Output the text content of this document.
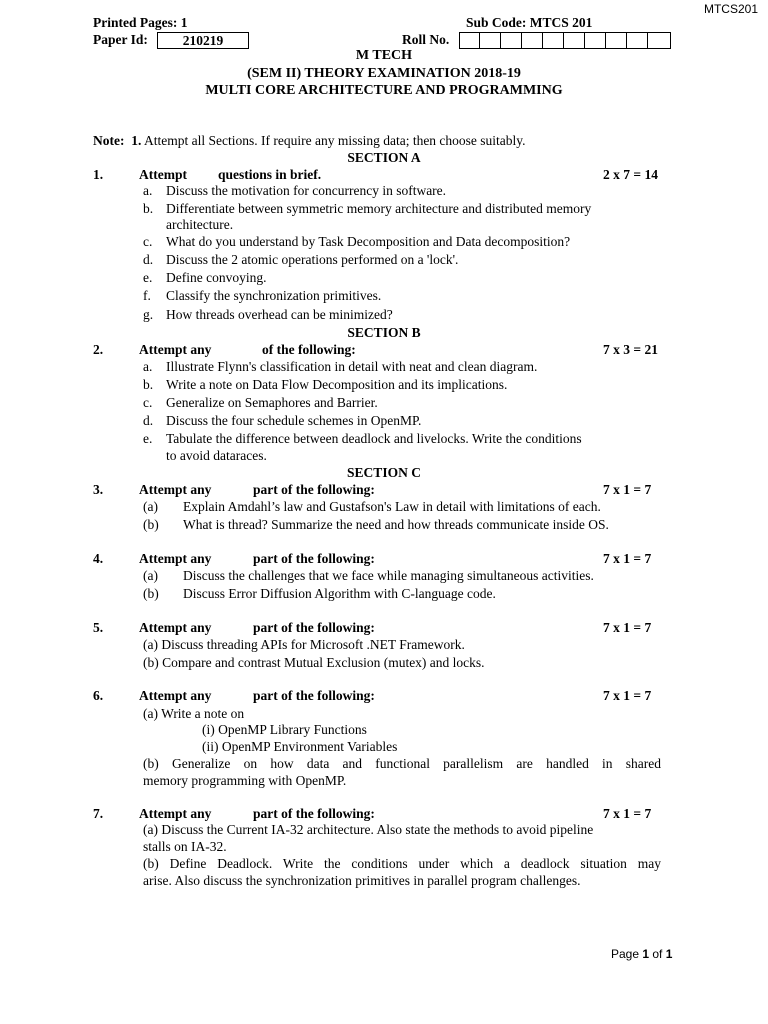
MTCS201
Printed Pages: 1	Sub Code: MTCS 201
Paper Id:	210219	Roll No.
M TECH
(SEM II) THEORY EXAMINATION 2018-19
MULTI CORE ARCHITECTURE AND PROGRAMMING
Note: 1. Attempt all Sections. If require any missing data; then choose suitably.
SECTION A
1.	Attempt questions in brief.	2 x 7 = 14
a. Discuss the motivation for concurrency in software.
b. Differentiate between symmetric memory architecture and distributed memory
architecture.
c. What do you understand by Task Decomposition and Data decomposition?
d. Discuss the 2 atomic operations performed on a 'lock'.
e. Define convoying.
f. Classify the synchronization primitives.
g. How threads overhead can be minimized?
SECTION B
2.	Attempt any	of the following:	7 x 3 = 21
a. Illustrate Flynn's classification in detail with neat and clean diagram.
b. Write a note on Data Flow Decomposition and its implications.
c. Generalize on Semaphores and Barrier.
d. Discuss the four schedule schemes in OpenMP.
e. Tabulate the difference between deadlock and livelocks. Write the conditions
to avoid dataraces.
SECTION C
3.	Attempt any	part of the following:	7 x 1 = 7
(a) Explain Amdahl’s law and Gustafson's Law in detail with limitations of each.
(b) What is thread? Summarize the need and how threads communicate inside OS.
4.	Attempt any	part of the following:	7 x 1 = 7
(a) Discuss the challenges that we face while managing simultaneous activities.
(b) Discuss Error Diffusion Algorithm with C-language code.
5.	Attempt any	part of the following:	7 x 1 = 7
(a) Discuss threading APIs for Microsoft .NET Framework.
(b) Compare and contrast Mutual Exclusion (mutex) and locks.
6.	Attempt any	part of the following:	7 x 1 = 7
(a) Write a note on
(i) OpenMP Library Functions
(ii) OpenMP Environment Variables
(b) Generalize on how data and functional parallelism are handled in shared
memory programming with OpenMP.
7.	Attempt any	part of the following:	7 x 1 = 7
(a) Discuss the Current IA-32 architecture. Also state the methods to avoid pipeline
stalls on IA-32.
(b) Define Deadlock. Write the conditions under which a deadlock situation may
arise. Also discuss the synchronization primitives in parallel program challenges.
Page 1 of 1
